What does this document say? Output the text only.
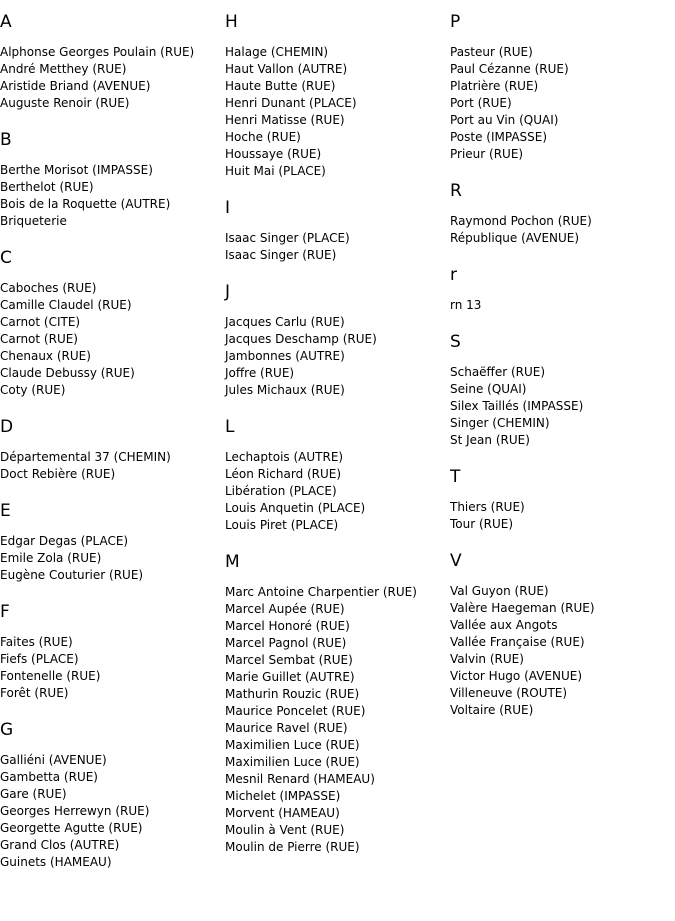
A
Alphonse Georges Poulain (RUE)
André Metthey (RUE)
Aristide Briand (AVENUE)
Auguste Renoir (RUE)
B
Berthe Morisot (IMPASSE)
Berthelot (RUE)
Bois de la Roquette (AUTRE)
Briqueterie
C
Caboches (RUE)
Camille Claudel (RUE)
Carnot (CITE)
Carnot (RUE)
Chenaux (RUE)
Claude Debussy (RUE)
Coty (RUE)
D
Départemental 37 (CHEMIN)
Doct Rebière (RUE)
E
Edgar Degas (PLACE)
Emile Zola (RUE)
Eugène Couturier (RUE)
F
Faites (RUE)
Fiefs (PLACE)
Fontenelle (RUE)
Forêt (RUE)
G
Galliéni (AVENUE)
Gambetta (RUE)
Gare (RUE)
Georges Herrewyn (RUE)
Georgette Agutte (RUE)
Grand Clos (AUTRE)
Guinets (HAMEAU)
H
Halage (CHEMIN)
Haut Vallon (AUTRE)
Haute Butte (RUE)
Henri Dunant (PLACE)
Henri Matisse (RUE)
Hoche (RUE)
Houssaye (RUE)
Huit Mai (PLACE)
I
Isaac Singer (PLACE)
Isaac Singer (RUE)
J
Jacques Carlu (RUE)
Jacques Deschamp (RUE)
Jambonnes (AUTRE)
Joffre (RUE)
Jules Michaux (RUE)
L
Lechaptois (AUTRE)
Léon Richard (RUE)
Libération (PLACE)
Louis Anquetin (PLACE)
Louis Piret (PLACE)
M
Marc Antoine Charpentier (RUE)
Marcel Aupée (RUE)
Marcel Honoré (RUE)
Marcel Pagnol (RUE)
Marcel Sembat (RUE)
Marie Guillet (AUTRE)
Mathurin Rouzic (RUE)
Maurice Poncelet (RUE)
Maurice Ravel (RUE)
Maximilien Luce (RUE)
Maximilien Luce (RUE)
Mesnil Renard (HAMEAU)
Michelet (IMPASSE)
Morvent (HAMEAU)
Moulin à Vent (RUE)
Moulin de Pierre (RUE)
P
Pasteur (RUE)
Paul Cézanne (RUE)
Platrière (RUE)
Port (RUE)
Port au Vin (QUAI)
Poste (IMPASSE)
Prieur (RUE)
R
Raymond Pochon (RUE)
République (AVENUE)
r
rn 13
S
Schaëffer (RUE)
Seine (QUAI)
Silex Taillés (IMPASSE)
Singer (CHEMIN)
St Jean (RUE)
T
Thiers (RUE)
Tour (RUE)
V
Val Guyon (RUE)
Valère Haegeman (RUE)
Vallée aux Angots
Vallée Française (RUE)
Valvin (RUE)
Victor Hugo (AVENUE)
Villeneuve (ROUTE)
Voltaire (RUE)
